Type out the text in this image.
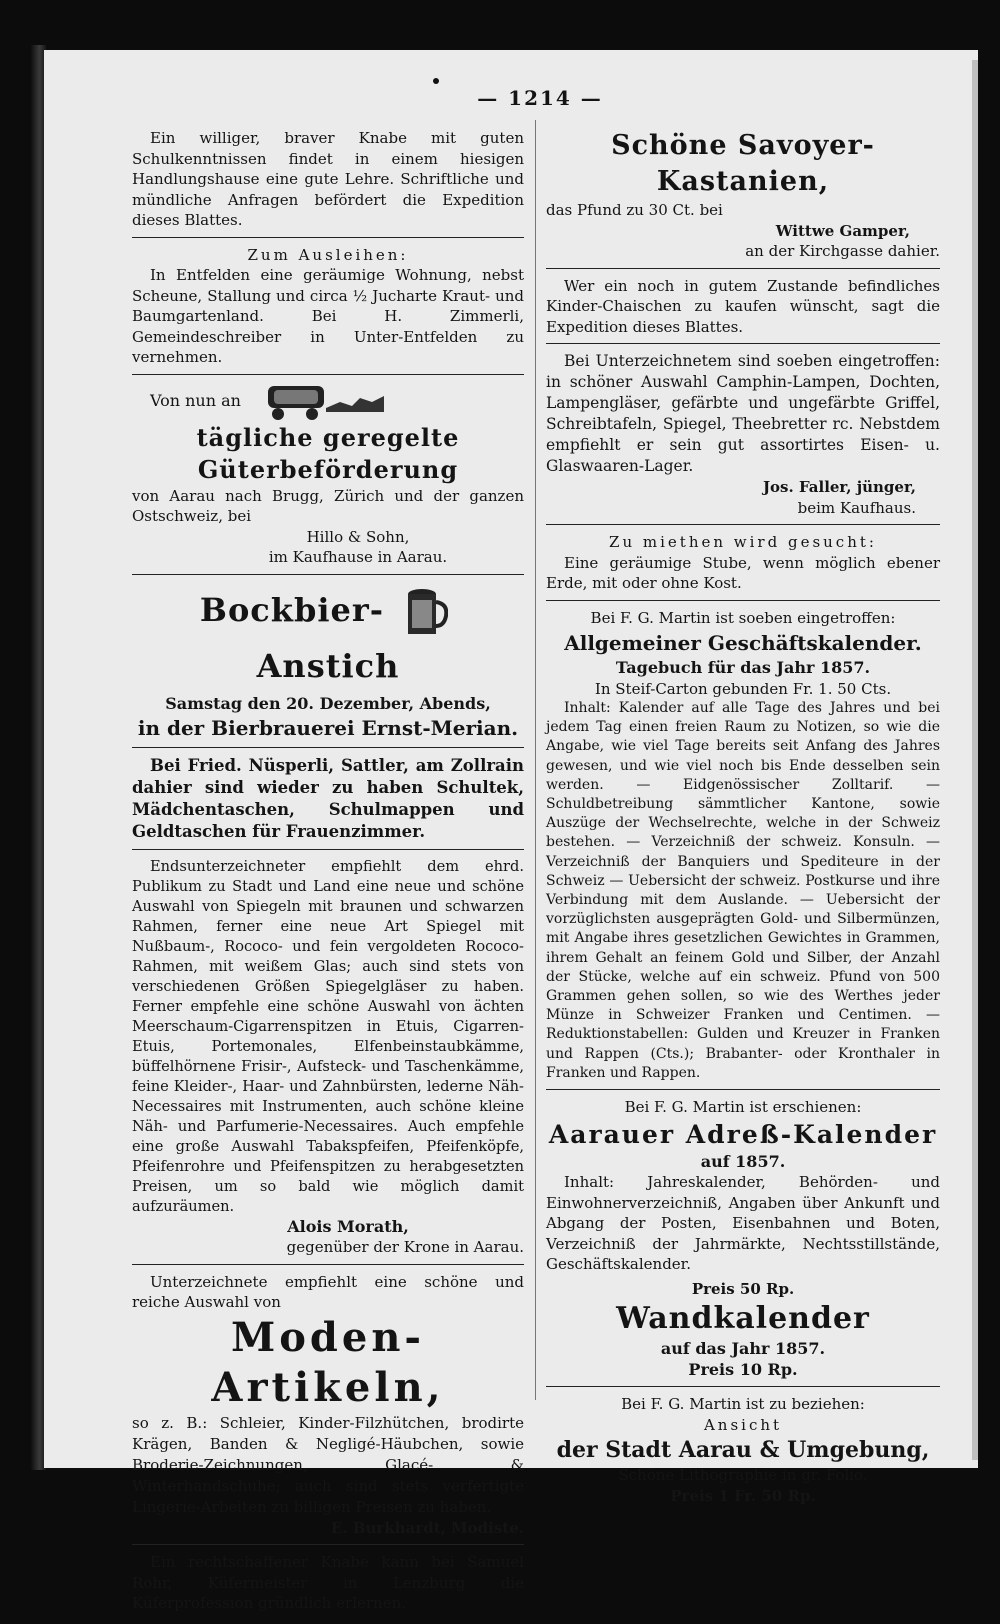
— 1214 —

Ein williger, braver Knabe mit guten Schulkenntnissen findet in einem hiesigen Handlungshause eine gute Lehre. Schriftliche und mündliche Anfragen befördert die Expedition dieses Blattes.

Zum Ausleihen:

In Entfelden eine geräumige Wohnung, nebst Scheune, Stallung und circa ½ Jucharte Kraut- und Baumgartenland. Bei H. Zimmerli, Gemeindeschreiber in Unter-Entfelden zu vernehmen.

Von nun an

tägliche geregelte Güterbeförderung

von Aarau nach Brugg, Zürich und der ganzen Ostschweiz, bei

Hillo & Sohn,

im Kaufhause in Aarau.

Bockbier-  Anstich

Samstag den 20. Dezember, Abends,

in der Bierbrauerei Ernst-Merian.

Bei Fried. Nüsperli, Sattler, am Zollrain dahier sind wieder zu haben Schultek, Mädchentaschen, Schulmappen und Geldtaschen für Frauenzimmer.

Endsunterzeichneter empfiehlt dem ehrd. Publikum zu Stadt und Land eine neue und schöne Auswahl von Spiegeln mit braunen und schwarzen Rahmen, ferner eine neue Art Spiegel mit Nußbaum-, Rococo- und fein vergoldeten Rococo-Rahmen, mit weißem Glas; auch sind stets von verschiedenen Größen Spiegelgläser zu haben. Ferner empfehle eine schöne Auswahl von ächten Meerschaum-Cigarrenspitzen in Etuis, Cigarren-Etuis, Portemonales, Elfenbeinstaubkämme, büffelhörnene Frisir-, Aufsteck- und Taschenkämme, feine Kleider-, Haar- und Zahnbürsten, lederne Näh-Necessaires mit Instrumenten, auch schöne kleine Näh- und Parfumerie-Necessaires. Auch empfehle eine große Auswahl Tabakspfeifen, Pfeifenköpfe, Pfeifenrohre und Pfeifenspitzen zu herabgesetzten Preisen, um so bald wie möglich damit aufzuräumen.

Alois Morath,

gegenüber der Krone in Aarau.

Unterzeichnete empfiehlt eine schöne und reiche Auswahl von

Moden-Artikeln,

so z. B.: Schleier, Kinder-Filzhütchen, brodirte Krägen, Banden & Negligé-Häubchen, sowie Broderie-Zeichnungen, Glacé- & Winterhandschuhe; auch sind stets verfertigte Lingerie-Arbeiten zu billigen Preisen zu haben.

E. Burkhardt, Modiste.

Ein rechtschaffener Knabe kann bei Samuel Rohr, Küfermeister in Lenzburg die Küferprofession gründlich erlernen.

Schöne Savoyer-Kastanien,

das Pfund zu 30 Ct. bei

Wittwe Gamper,

an der Kirchgasse dahier.

Wer ein noch in gutem Zustande befindliches Kinder-Chaischen zu kaufen wünscht, sagt die Expedition dieses Blattes.

Bei Unterzeichnetem sind soeben eingetroffen: in schöner Auswahl Camphin-Lampen, Dochten, Lampengläser, gefärbte und ungefärbte Griffel, Schreibtafeln, Spiegel, Theebretter rc. Nebstdem empfiehlt er sein gut assortirtes Eisen- u. Glaswaaren-Lager.

Jos. Faller, jünger,

beim Kaufhaus.

Zu miethen wird gesucht:

Eine geräumige Stube, wenn möglich ebener Erde, mit oder ohne Kost.

Bei F. G. Martin ist soeben eingetroffen:

Allgemeiner Geschäftskalender.

Tagebuch für das Jahr 1857.

In Steif-Carton gebunden Fr. 1. 50 Cts.

Inhalt: Kalender auf alle Tage des Jahres und bei jedem Tag einen freien Raum zu Notizen, so wie die Angabe, wie viel Tage bereits seit Anfang des Jahres gewesen, und wie viel noch bis Ende desselben sein werden. — Eidgenössischer Zolltarif. — Schuldbetreibung sämmtlicher Kantone, sowie Auszüge der Wechselrechte, welche in der Schweiz bestehen. — Verzeichniß der schweiz. Konsuln. — Verzeichniß der Banquiers und Spediteure in der Schweiz — Uebersicht der schweiz. Postkurse und ihre Verbindung mit dem Auslande. — Uebersicht der vorzüglichsten ausgeprägten Gold- und Silbermünzen, mit Angabe ihres gesetzlichen Gewichtes in Grammen, ihrem Gehalt an feinem Gold und Silber, der Anzahl der Stücke, welche auf ein schweiz. Pfund von 500 Grammen gehen sollen, so wie des Werthes jeder Münze in Schweizer Franken und Centimen. — Reduktionstabellen: Gulden und Kreuzer in Franken und Rappen (Cts.); Brabanter- oder Kronthaler in Franken und Rappen.

Bei F. G. Martin ist erschienen:

Aarauer Adreß-Kalender

auf 1857.

Inhalt: Jahreskalender, Behörden- und Einwohnerverzeichniß, Angaben über Ankunft und Abgang der Posten, Eisenbahnen und Boten, Verzeichniß der Jahrmärkte, Nechtsstillstände, Geschäftskalender.

Preis 50 Rp.

Wandkalender

auf das Jahr 1857.

Preis 10 Rp.

Bei F. G. Martin ist zu beziehen:

Ansicht

der Stadt Aarau & Umgebung,

Schöne Lithographie in gr. Folio.

Preis 1 Fr. 50 Rp.
